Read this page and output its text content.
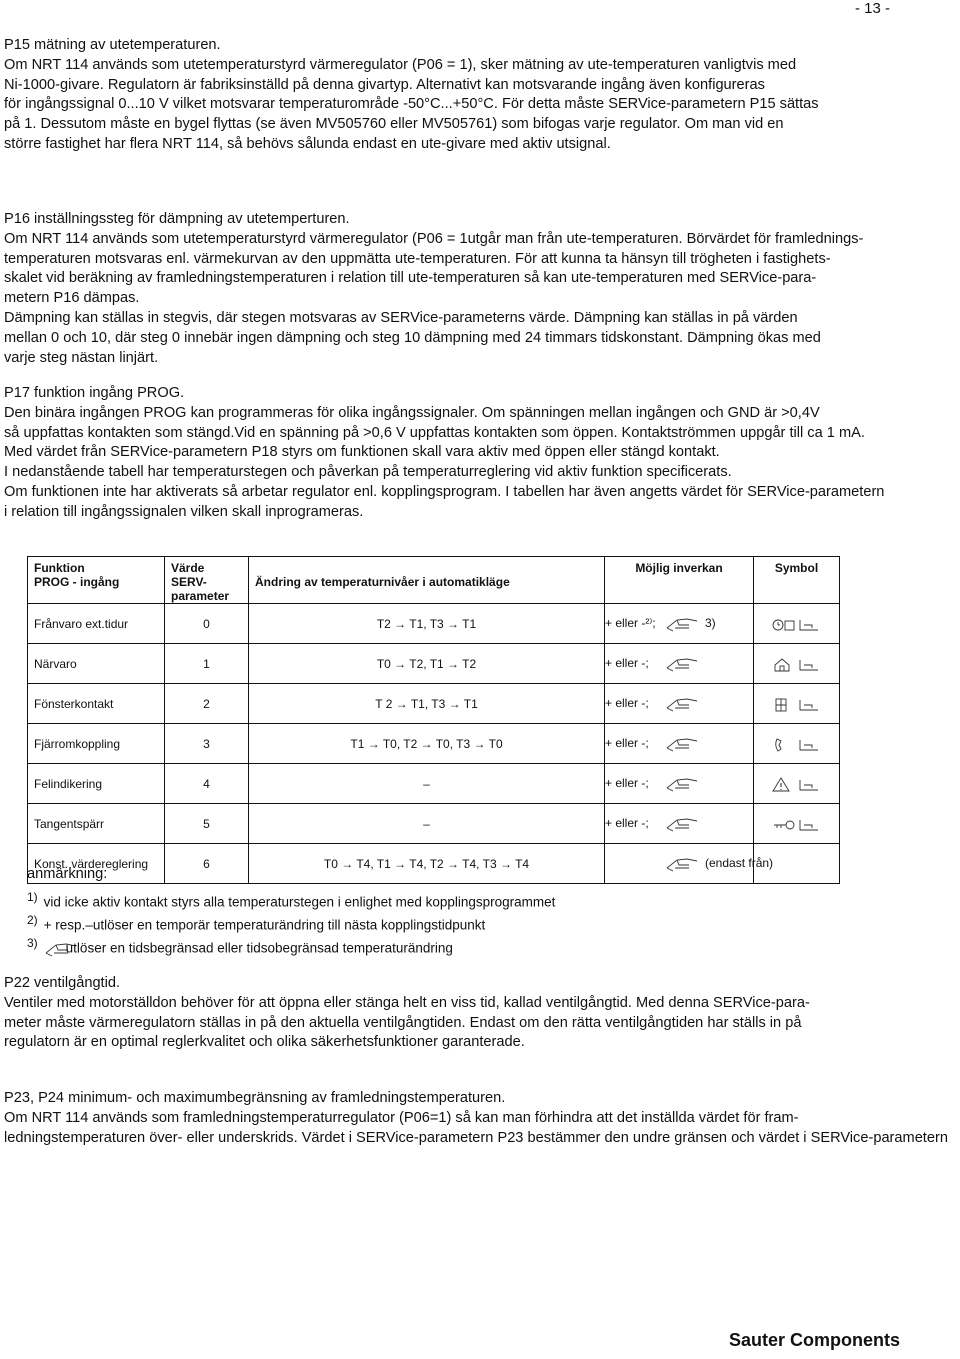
- 13 -
P15 mätning av utetemperaturen.
Om NRT 114 används som utetemperaturstyrd värmeregulator (P06 = 1), sker mätning av ute-temperaturen vanligtvis med
Ni-1000-givare. Regulatorn är fabriksinställd på denna givartyp. Alternativt kan motsvarande ingång även konfigureras
för ingångssignal 0...10 V vilket motsvarar temperaturområde -50°C...+50°C. För detta måste SERVice-parametern P15 sättas
på 1. Dessutom måste en bygel flyttas (se även MV505760 eller MV505761) som bifogas varje regulator. Om man vid en
större fastighet har flera NRT 114, så behövs sålunda endast en ute-givare med aktiv utsignal.
P16 inställningssteg för dämpning av utetemperturen.
Om NRT 114 används som utetemperaturstyrd värmeregulator (P06 = 1utgår man från ute-temperaturen. Börvärdet för framlednings-
temperaturen motsvaras enl. värmekurvan av den uppmätta ute-temperaturen. För att kunna ta hänsyn till trögheten i fastighets-
skalet vid beräkning av framledningstemperaturen i relation till ute-temperaturen så kan ute-temperaturen med SERVice-para-
metern P16 dämpas.
Dämpning kan ställas in stegvis, där stegen motsvaras av SERVice-parameterns värde. Dämpning kan ställas in på värden
mellan 0 och 10, där steg 0 innebär ingen dämpning och steg 10 dämpning med 24 timmars tidskonstant. Dämpning ökas med
varje steg nästan linjärt.
P17 funktion ingång PROG.
Den binära ingången PROG kan programmeras för olika ingångssignaler. Om spänningen mellan ingången och GND är >0,4V
så uppfattas kontakten som stängd.Vid en spänning på >0,6 V uppfattas kontakten som öppen. Kontaktströmmen uppgår till ca 1 mA.
Med värdet från SERVice-parametern P18 styrs om funktionen skall vara aktiv med öppen eller stängd kontakt.
I nedanstående tabell har temperaturstegen och påverkan på temperaturreglering vid aktiv funktion specificerats.
Om funktionen inte har aktiverats så arbetar regulator enl. kopplingsprogram. I tabellen har även angetts värdet för SERVice-parametern
i relation till ingångssignalen vilken skall inprogrameras.
Funktion
PROG - ingång	Värde SERV-
parameter	Ändring av temperaturnivåer i automatikläge	Möjlig inverkan	Symbol
Frånvaro ext.tidur	0	T2 → T1, T3 → T1	+ eller -²⁾; 3)	
Närvaro	1	T0 → T2, T1 → T2	+ eller -;	
Fönsterkontakt	2	T 2 → T1, T3 → T1	+ eller -;	
Fjärromkoppling	3	T1 → T0, T2 → T0, T3 → T0	+ eller -;	
Felindikering	4	–	+ eller -;	
Tangentspärr	5	–	+ eller -;	
Konst. värdereglering	6	T0 → T4, T1 → T4, T2 → T4, T3 → T4	(endast från)	
anmärkning:
$^{1)}$ vid icke aktiv kontakt styrs alla temperaturstegen i enlighet med kopplingsprogrammet
$^{2)}$ + resp.–utlöser en temporär temperaturändring till nästa kopplingstidpunkt
$^{3)}$ utlöser en tidsbegränsad eller tidsobegränsad temperaturändring
P22 ventilgångtid.
Ventiler med motorställdon behöver för att öppna eller stänga helt en viss tid, kallad ventilgångtid. Med denna SERVice-para-
meter måste värmeregulatorn ställas in på den aktuella ventilgångtiden. Endast om den rätta ventilgångtiden har ställs in på
regulatorn är en optimal reglerkvalitet och olika säkerhetsfunktioner garanterade.
P23, P24 minimum- och maximumbegränsning av framledningstemperaturen.
Om NRT 114 används som framledningstemperaturregulator (P06=1) så kan man förhindra att det inställda värdet för fram-
ledningstemperaturen över- eller underskrids. Värdet i SERVice-parametern P23 bestämmer den undre gränsen och värdet i SERVice-parametern
Sauter Components
